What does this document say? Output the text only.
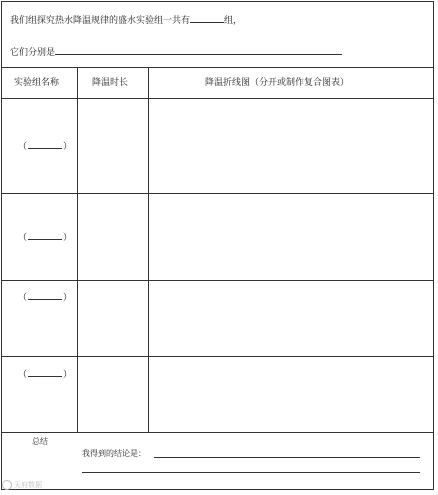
我们组探究热水降温规律的盛水实验组一共有	组，
它们分别是
实验组名称	降温时长	降温折线图（分开或制作复合图表）
（	）
（	）
（	）
（	）
总结
我得到的结论是：
天府数据
